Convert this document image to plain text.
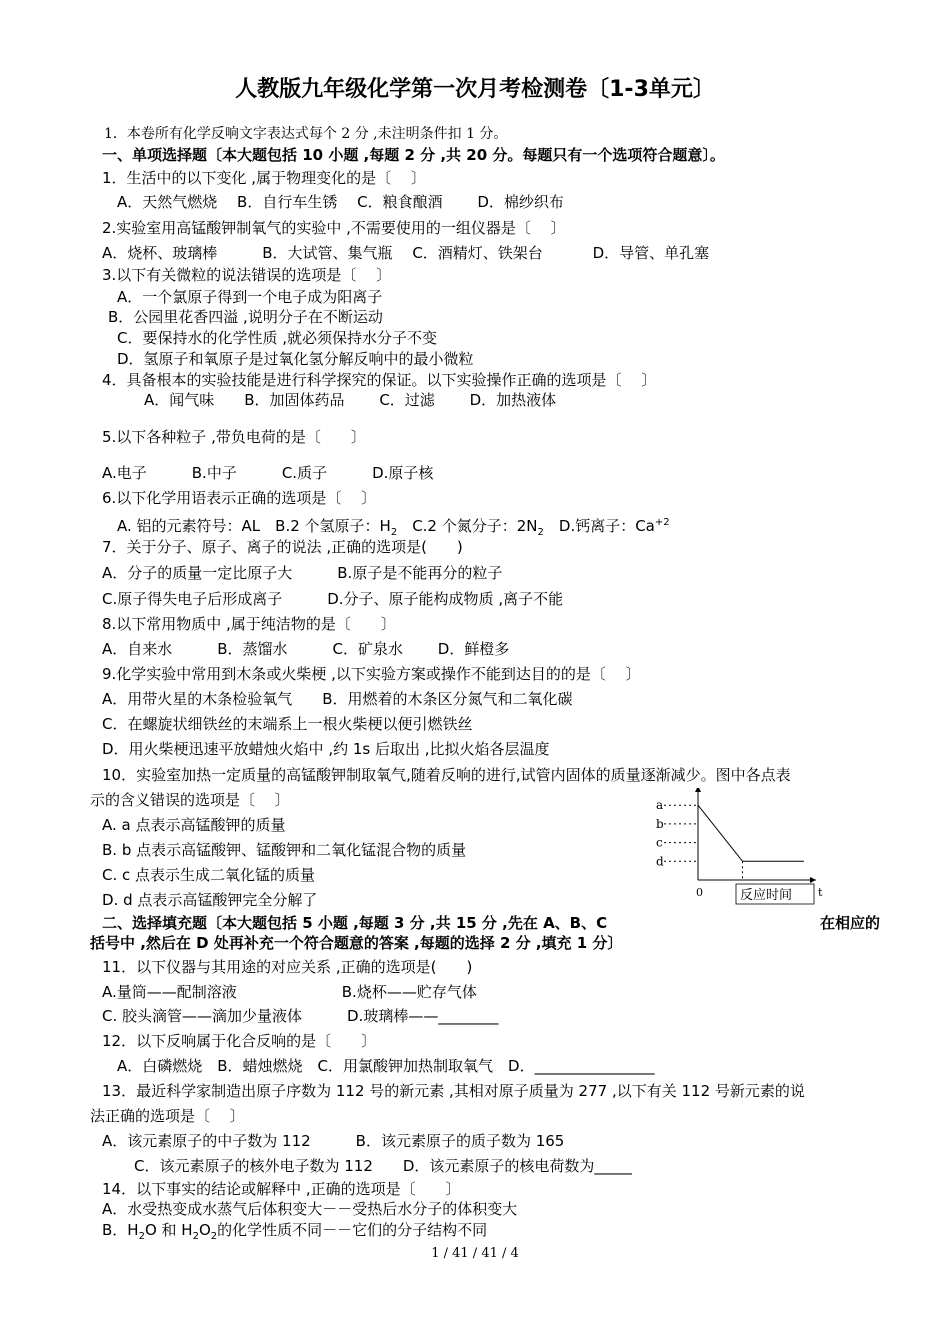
人教版九年级化学第一次月考检测卷〔1-3单元〕
1．本卷所有化学反响文字表达式每个 2 分 ,未注明条件扣 1 分。
一、单项选择题〔本大题包括 10 小题 ,每题 2 分 ,共 20 分。每题只有一个选项符合题意〕。
1．生活中的以下变化 ,属于物理变化的是〔　 〕
A．天然气燃烧　 B．自行车生锈　 C．粮食酿酒　　 D．棉纱织布
2.实验室用高锰酸钾制氧气的实验中 ,不需要使用的一组仪器是〔　 〕
A．烧杯、玻璃棒　　　B．大试管、集气瓶　 C．酒精灯、铁架台　　　 D．导管、单孔塞
3.以下有关微粒的说法错误的选项是〔　 〕
A．一个氯原子得到一个电子成为阳离子
B．公园里花香四溢 ,说明分子在不断运动
C．要保持水的化学性质 ,就必须保持水分子不变
D．氢原子和氧原子是过氧化氢分解反响中的最小微粒
4．具备根本的实验技能是进行科学探究的保证。以下实验操作正确的选项是〔　 〕
A．闻气味　　B．加固体药品　　 C．过滤　　 D．加热液体
5.以下各种粒子 ,带负电荷的是〔　　〕
A.电子　　　B.中子　　　C.质子　　　D.原子核
6.以下化学用语表示正确的选项是〔　 〕
A. 铝的元素符号：AL　B.2 个氢原子：$H_2$　C.2 个氮分子：$2N_2$　D.钙离子：$Ca^{+2}$
7．关于分子、原子、离子的说法 ,正确的选项是(　　)
A．分子的质量一定比原子大　　　B.原子是不能再分的粒子
C.原子得失电子后形成离子　　　D.分子、原子能构成物质 ,离子不能
8.以下常用物质中 ,属于纯洁物的是〔　　〕
A．自来水　　　B．蒸馏水　　　C．矿泉水　　 D．鲜橙多
9.化学实验中常用到木条或火柴梗 ,以下实验方案或操作不能到达目的的是〔　 〕
A．用带火星的木条检验氧气　　B．用燃着的木条区分氮气和二氧化碳
C．在螺旋状细铁丝的末端系上一根火柴梗以便引燃铁丝
D．用火柴梗迅速平放蜡烛火焰中 ,约 1s 后取出 ,比拟火焰各层温度
10．实验室加热一定质量的高锰酸钾制取氧气,随着反响的进行,试管内固体的质量逐渐减少。图中各点表
示的含义错误的选项是〔　 〕
A. a 点表示高锰酸钾的质量
B. b 点表示高锰酸钾、锰酸钾和二氧化锰混合物的质量
C. c 点表示生成二氧化锰的质量
D. d 点表示高锰酸钾完全分解了
二、选择填充题〔本大题包括 5 小题 ,每题 3 分 ,共 15 分 ,先在 A、B、C	在相应的
括号中 ,然后在 D 处再补充一个符合题意的答案 ,每题的选择 2 分 ,填充 1 分〕
a
b
c
d
0	反应时间 t
11．以下仪器与其用途的对应关系 ,正确的选项是(　　)
A.量筒——配制溶液　　　　　　　B.烧杯——贮存气体
C. 胶头滴管——滴加少量液体　　　D.玻璃棒——________
12．以下反响属于化合反响的是〔　　〕
A．白磷燃烧　B．蜡烛燃烧　C．用氯酸钾加热制取氧气　D．________________
13．最近科学家制造出原子序数为 112 号的新元素 ,其相对原子质量为 277 ,以下有关 112 号新元素的说
法正确的选项是〔　 〕
A．该元素原子的中子数为 112　　　B．该元素原子的质子数为 165
C．该元素原子的核外电子数为 112　　D．该元素原子的核电荷数为_____
14．以下事实的结论或解释中 ,正确的选项是〔　　〕
A．水受热变成水蒸气后体积变大－－受热后水分子的体积变大
B．$H_2O$ 和 $H_2O_2$的化学性质不同－－它们的分子结构不同
1 / 41 / 41 / 4
